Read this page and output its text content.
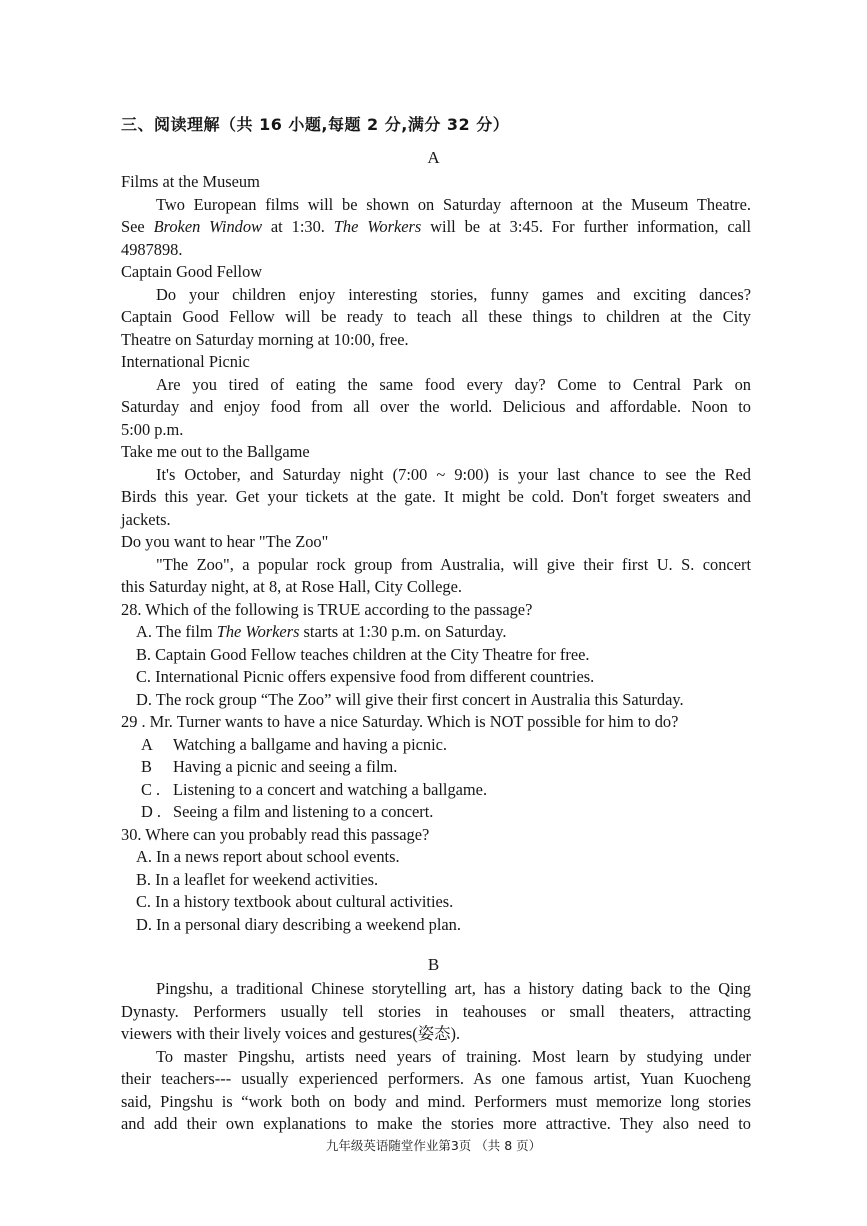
三、阅读理解（共 16 小题,每题 2 分,满分 32 分）
A
Films at the Museum
Two European films will be shown on Saturday afternoon at the Museum Theatre.
See Broken Window at 1:30. The Workers will be at 3:45. For further information, call
4987898.
Captain Good Fellow
Do your children enjoy interesting stories, funny games and exciting dances?
Captain Good Fellow will be ready to teach all these things to children at the City
Theatre on Saturday morning at 10:00, free.
International Picnic
Are you tired of eating the same food every day? Come to Central Park on
Saturday and enjoy food from all over the world. Delicious and affordable. Noon to
5:00 p.m.
Take me out to the Ballgame
It's October, and Saturday night (7:00 ~ 9:00) is your last chance to see the Red
Birds this year. Get your tickets at the gate. It might be cold. Don't forget sweaters and
jackets.
Do you want to hear "The Zoo"
"The Zoo", a popular rock group from Australia, will give their first U. S. concert
this Saturday night, at 8, at Rose Hall, City College.
28. Which of the following is TRUE according to the passage?
A. The film The Workers starts at 1:30 p.m. on Saturday.
B. Captain Good Fellow teaches children at the City Theatre for free.
C. International Picnic offers expensive food from different countries.
D. The rock group “The Zoo” will give their first concert in Australia this Saturday.
29 . Mr. Turner wants to have a nice Saturday. Which is NOT possible for him to do?
A Watching a ballgame and having a picnic.
B Having a picnic and seeing a film.
C . Listening to a concert and watching a ballgame.
D . Seeing a film and listening to a concert.
30. Where can you probably read this passage?
A. In a news report about school events.
B. In a leaflet for weekend activities.
C. In a history textbook about cultural activities.
D. In a personal diary describing a weekend plan.
B
Pingshu, a traditional Chinese storytelling art, has a history dating back to the Qing
Dynasty. Performers usually tell stories in teahouses or small theaters, attracting
viewers with their lively voices and gestures(姿态).
To master Pingshu, artists need years of training. Most learn by studying under
their teachers--- usually experienced performers. As one famous artist, Yuan Kuocheng
said, Pingshu is “work both on body and mind. Performers must memorize long stories
and add their own explanations to make the stories more attractive. They also need to
九年级英语随堂作业第3页 （共 8 页）
